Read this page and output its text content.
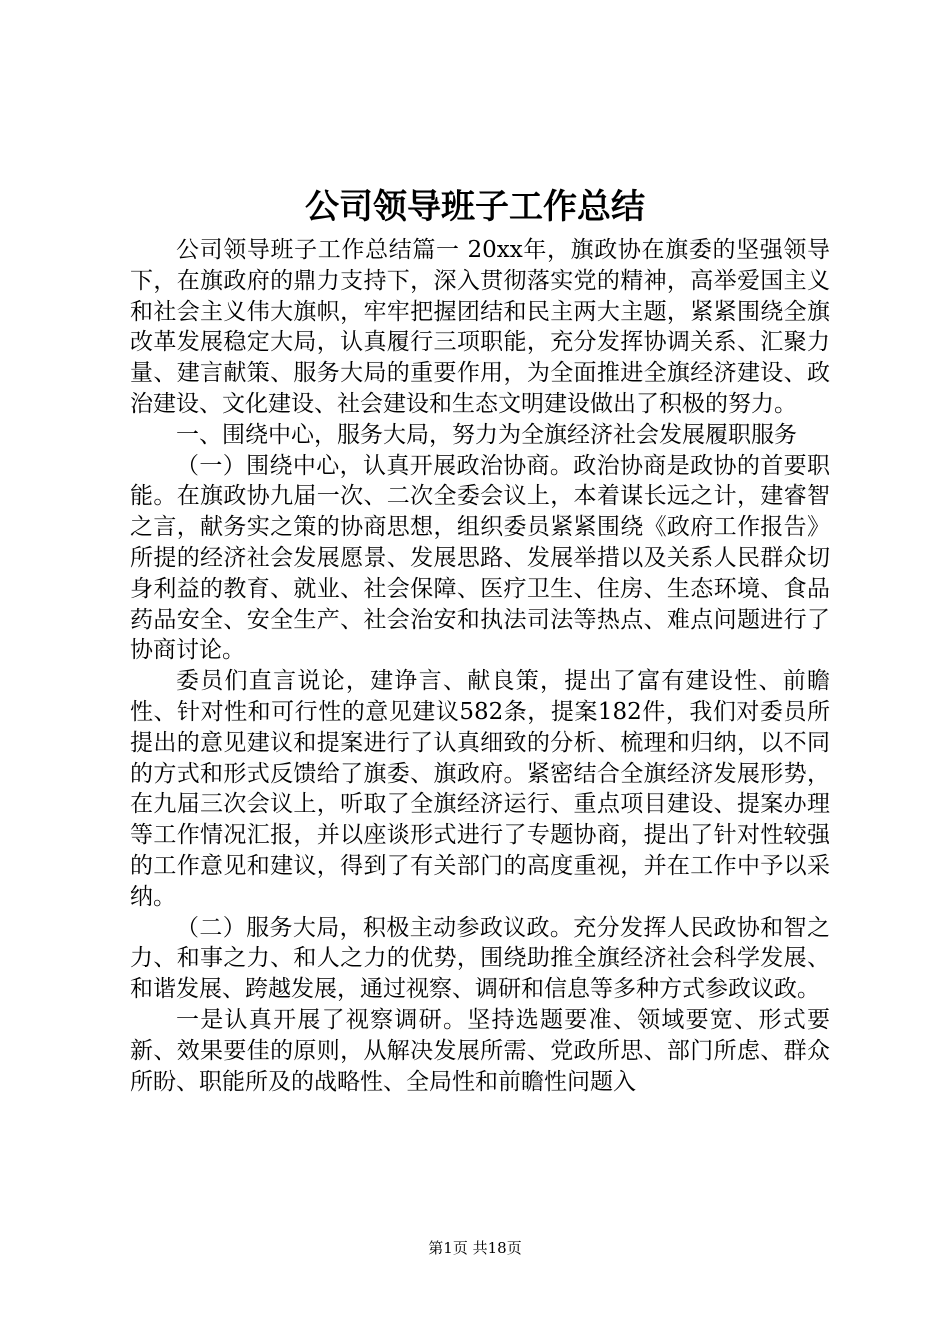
公司领导班子工作总结

公司领导班子工作总结篇一 20xx年，旗政协在旗委的坚强领导下，在旗政府的鼎力支持下，深入贯彻落实党的精神，高举爱国主义和社会主义伟大旗帜，牢牢把握团结和民主两大主题，紧紧围绕全旗改革发展稳定大局，认真履行三项职能，充分发挥协调关系、汇聚力量、建言献策、服务大局的重要作用，为全面推进全旗经济建设、政治建设、文化建设、社会建设和生态文明建设做出了积极的努力。

一、围绕中心，服务大局，努力为全旗经济社会发展履职服务

（一）围绕中心，认真开展政治协商。政治协商是政协的首要职能。在旗政协九届一次、二次全委会议上，本着谋长远之计，建睿智之言，献务实之策的协商思想，组织委员紧紧围绕《政府工作报告》所提的经济社会发展愿景、发展思路、发展举措以及关系人民群众切身利益的教育、就业、社会保障、医疗卫生、住房、生态环境、食品药品安全、安全生产、社会治安和执法司法等热点、难点问题进行了协商讨论。

委员们直言说论，建诤言、献良策，提出了富有建设性、前瞻性、针对性和可行性的意见建议582条，提案182件，我们对委员所提出的意见建议和提案进行了认真细致的分析、梳理和归纳，以不同的方式和形式反馈给了旗委、旗政府。紧密结合全旗经济发展形势，在九届三次会议上，听取了全旗经济运行、重点项目建设、提案办理等工作情况汇报，并以座谈形式进行了专题协商，提出了针对性较强的工作意见和建议，得到了有关部门的高度重视，并在工作中予以采纳。

（二）服务大局，积极主动参政议政。充分发挥人民政协和智之力、和事之力、和人之力的优势，围绕助推全旗经济社会科学发展、和谐发展、跨越发展，通过视察、调研和信息等多种方式参政议政。

一是认真开展了视察调研。坚持选题要准、领域要宽、形式要新、效果要佳的原则，从解决发展所需、党政所思、部门所虑、群众所盼、职能所及的战略性、全局性和前瞻性问题入

第1页 共18页
